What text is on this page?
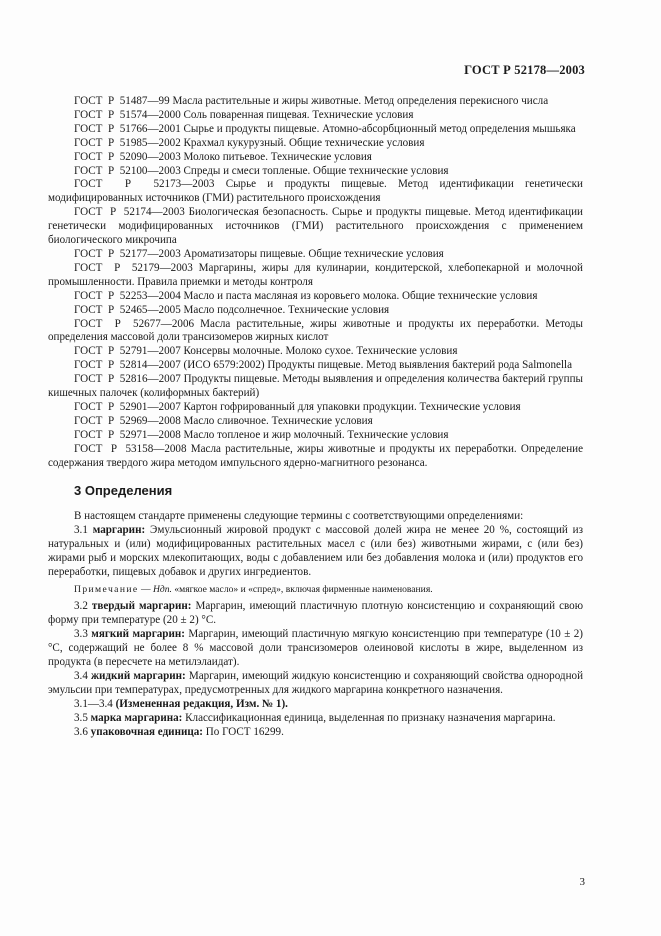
ГОСТ Р 52178—2003

ГОСТ  Р  51487—99 Масла растительные и жиры животные. Метод определения перекисного числа

ГОСТ  Р  51574—2000 Соль поваренная пищевая. Технические условия

ГОСТ  Р  51766—2001 Сырье и продукты пищевые. Атомно-абсорбционный метод определения мышьяка

ГОСТ  Р  51985—2002 Крахмал кукурузный. Общие технические условия

ГОСТ  Р  52090—2003 Молоко питьевое. Технические условия

ГОСТ  Р  52100—2003 Спреды и смеси топленые. Общие технические условия

ГОСТ  Р  52173—2003 Сырье и продукты пищевые. Метод идентификации генетически модифицированных источников (ГМИ) растительного происхождения

ГОСТ  Р  52174—2003 Биологическая безопасность. Сырье и продукты пищевые. Метод идентификации генетически модифицированных источников (ГМИ) растительного происхождения с применением биологического микрочипа

ГОСТ  Р  52177—2003 Ароматизаторы пищевые. Общие технические условия

ГОСТ  Р  52179—2003 Маргарины, жиры для кулинарии, кондитерской, хлебопекарной и молочной промышленности. Правила приемки и методы контроля

ГОСТ  Р  52253—2004 Масло и паста масляная из коровьего молока. Общие технические условия

ГОСТ  Р  52465—2005 Масло подсолнечное. Технические условия

ГОСТ  Р  52677—2006 Масла растительные, жиры животные и продукты их переработки. Методы определения массовой доли трансизомеров жирных кислот

ГОСТ  Р  52791—2007 Консервы молочные. Молоко сухое. Технические условия

ГОСТ  Р  52814—2007 (ИСО 6579:2002) Продукты пищевые. Метод выявления бактерий рода Salmonella

ГОСТ  Р  52816—2007 Продукты пищевые. Методы выявления и определения количества бактерий группы кишечных палочек (колиформных бактерий)

ГОСТ  Р  52901—2007 Картон гофрированный для упаковки продукции. Технические условия

ГОСТ  Р  52969—2008 Масло сливочное. Технические условия

ГОСТ  Р  52971—2008 Масло топленое и жир молочный. Технические условия

ГОСТ  Р  53158—2008 Масла растительные, жиры животные и продукты их переработки. Определение содержания твердого жира методом импульсного ядерно-магнитного резонанса.

3 Определения

В настоящем стандарте применены следующие термины с соответствующими определениями:

3.1 маргарин: Эмульсионный жировой продукт с массовой долей жира не менее 20 %, состоящий из натуральных и (или) модифицированных растительных масел с (или без) животными жирами, с (или без) жирами рыб и морских млекопитающих, воды с добавлением или без добавления молока и (или) продуктов его переработки, пищевых добавок и других ингредиентов.

Примечание — Ндп. «мягкое масло» и «спред», включая фирменные наименования.

3.2 твердый маргарин: Маргарин, имеющий пластичную плотную консистенцию и сохраняющий свою форму при температуре (20 ± 2) °С.

3.3 мягкий маргарин: Маргарин, имеющий пластичную мягкую консистенцию при температуре (10 ± 2) °С, содержащий не более 8 % массовой доли трансизомеров олеиновой кислоты в жире, выделенном из продукта (в пересчете на метилэлаидат).

3.4 жидкий маргарин: Маргарин, имеющий жидкую консистенцию и сохраняющий свойства однородной эмульсии при температурах, предусмотренных для жидкого маргарина конкретного назначения.

3.1—3.4 (Измененная редакция, Изм. № 1).

3.5 марка маргарина: Классификационная единица, выделенная по признаку назначения маргарина.

3.6 упаковочная единица: По ГОСТ 16299.

3
